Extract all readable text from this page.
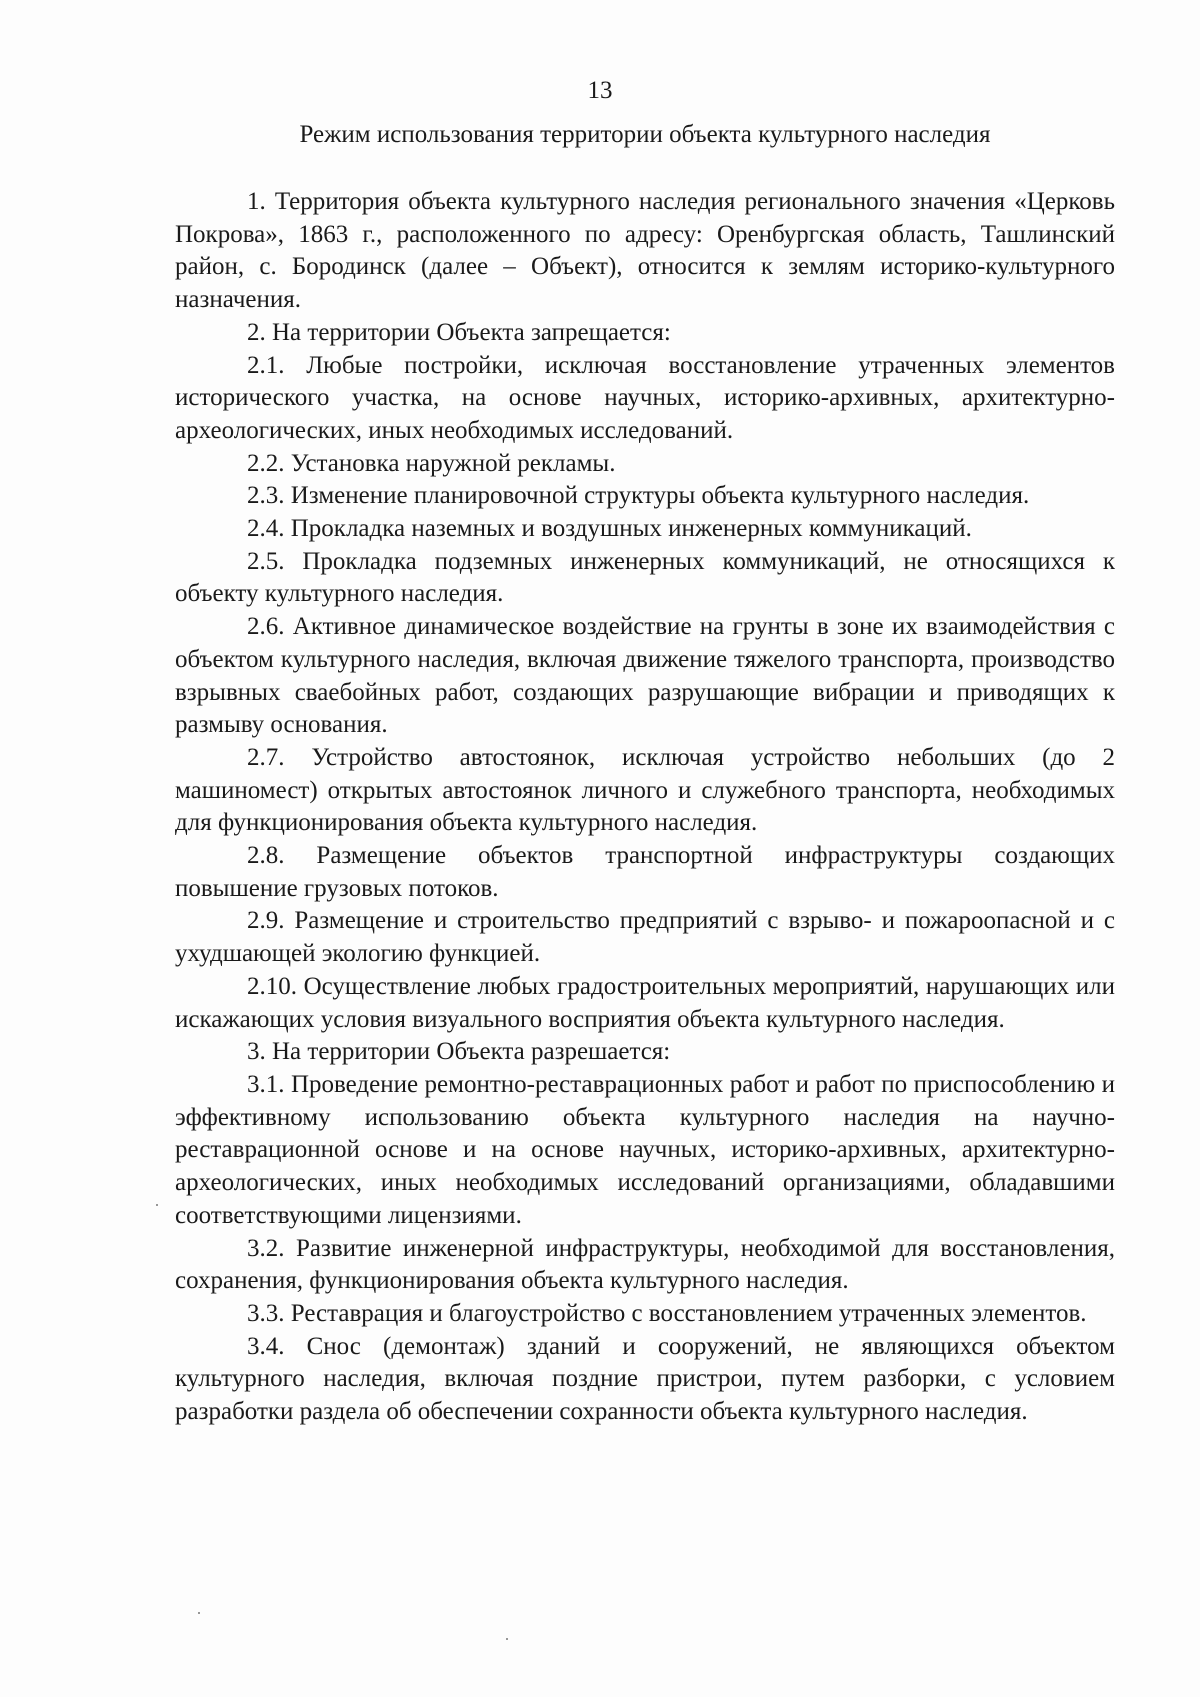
13
Режим использования территории объекта культурного наследия

1. Территория объекта культурного наследия регионального значения «Церковь Покрова», 1863 г., расположенного по адресу: Оренбургская область, Ташлинский район, с. Бородинск (далее – Объект), относится к землям историко-культурного назначения.

2. На территории Объекта запрещается:

2.1. Любые постройки, исключая восстановление утраченных элементов исторического участка, на основе научных, историко-архивных, архитектурно-археологических, иных необходимых исследований.

2.2. Установка наружной рекламы.

2.3. Изменение планировочной структуры объекта культурного наследия.

2.4. Прокладка наземных и воздушных инженерных коммуникаций.

2.5. Прокладка подземных инженерных коммуникаций, не относящихся к объекту культурного наследия.

2.6. Активное динамическое воздействие на грунты в зоне их взаимодействия с объектом культурного наследия, включая движение тяжелого транспорта, производство взрывных сваебойных работ, создающих разрушающие вибрации и приводящих к размыву основания.

2.7. Устройство автостоянок, исключая устройство небольших (до 2 машиномест) открытых автостоянок личного и служебного транспорта, необходимых для функционирования объекта культурного наследия.

2.8. Размещение объектов транспортной инфраструктуры создающих повышение грузовых потоков.

2.9. Размещение и строительство предприятий с взрыво- и пожароопасной и с ухудшающей экологию функцией.

2.10. Осуществление любых градостроительных мероприятий, нарушающих или искажающих условия визуального восприятия объекта культурного наследия.

3. На территории Объекта разрешается:

3.1. Проведение ремонтно-реставрационных работ и работ по приспособлению и эффективному использованию объекта культурного наследия на научно-реставрационной основе и на основе научных, историко-архивных, архитектурно-археологических, иных необходимых исследований организациями, обладавшими соответствующими лицензиями.

3.2. Развитие инженерной инфраструктуры, необходимой для восстановления, сохранения, функционирования объекта культурного наследия.

3.3. Реставрация и благоустройство с восстановлением утраченных элементов.

3.4. Снос (демонтаж) зданий и сооружений, не являющихся объектом культурного наследия, включая поздние пристрои, путем разборки, с условием разработки раздела об обеспечении сохранности объекта культурного наследия.
